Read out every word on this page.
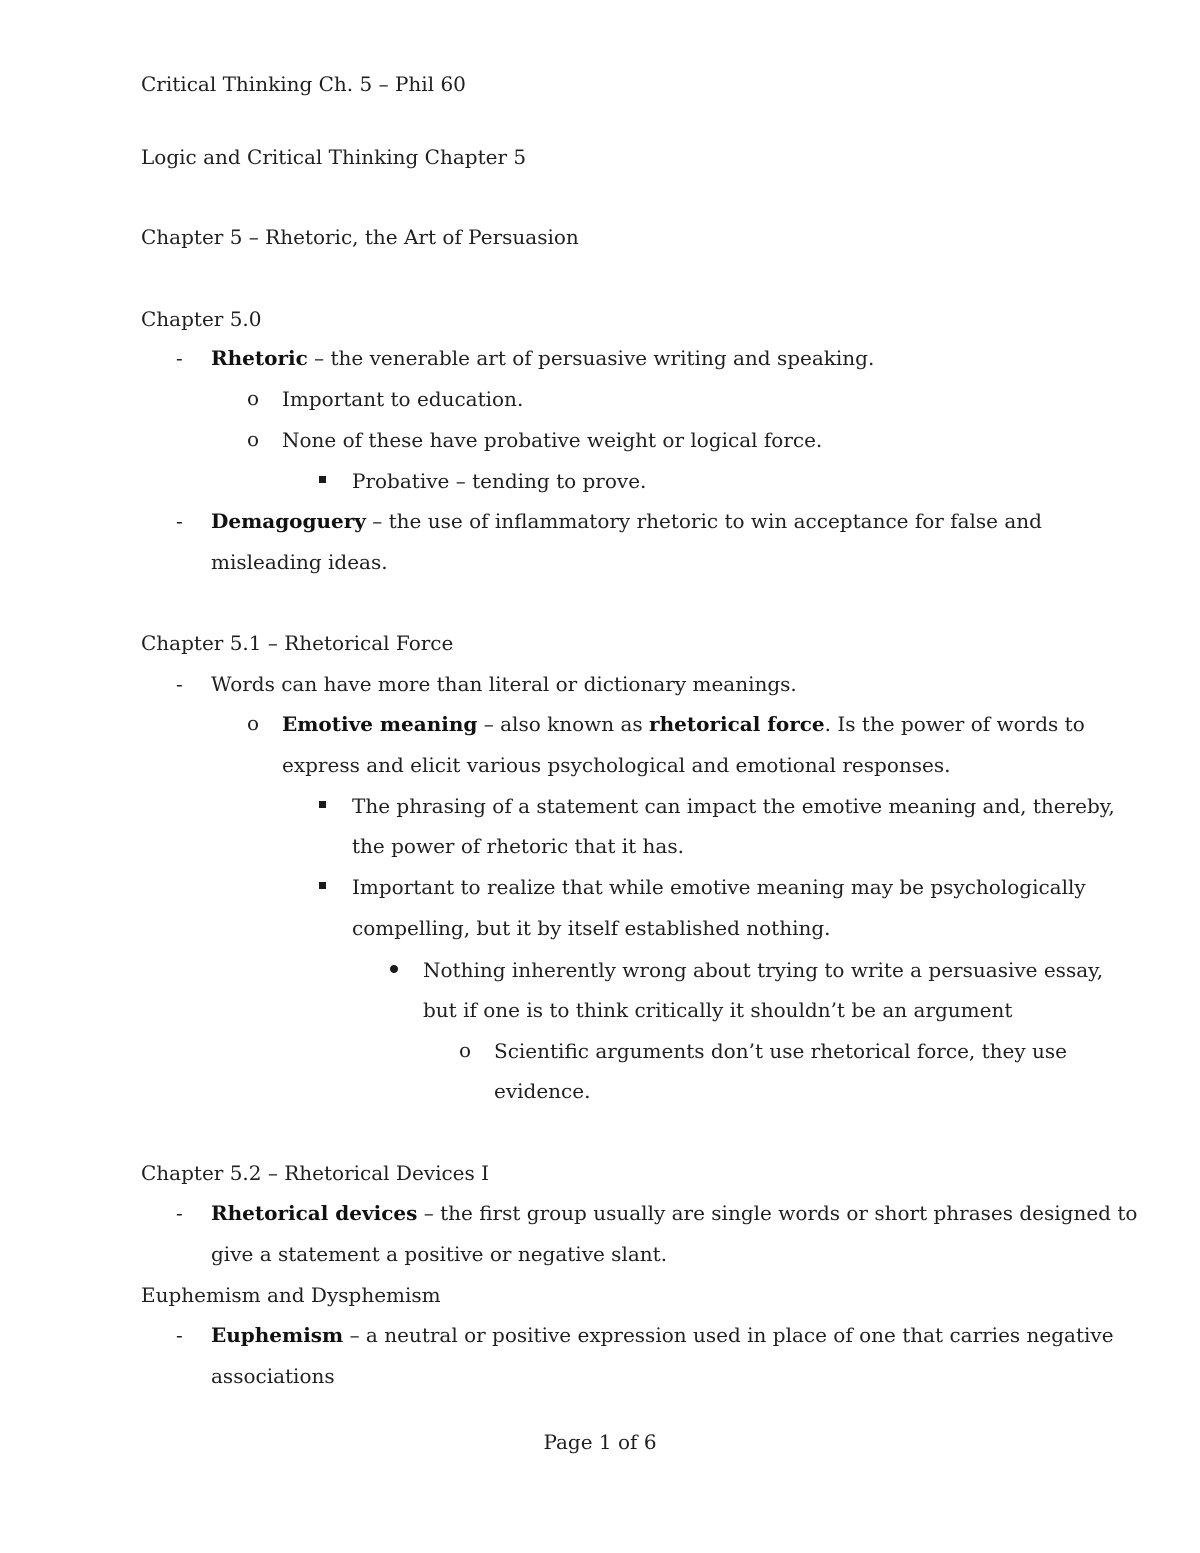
Critical Thinking Ch. 5 – Phil 60
Logic and Critical Thinking Chapter 5
Chapter 5 – Rhetoric, the Art of Persuasion
Chapter 5.0
- Rhetoric – the venerable art of persuasive writing and speaking.
o Important to education.
o None of these have probative weight or logical force.
Probative – tending to prove.
- Demagoguery – the use of inflammatory rhetoric to win acceptance for false and
misleading ideas.
Chapter 5.1 – Rhetorical Force
- Words can have more than literal or dictionary meanings.
o Emotive meaning – also known as rhetorical force. Is the power of words to
express and elicit various psychological and emotional responses.
The phrasing of a statement can impact the emotive meaning and, thereby,
the power of rhetoric that it has.
Important to realize that while emotive meaning may be psychologically
compelling, but it by itself established nothing.
Nothing inherently wrong about trying to write a persuasive essay,
but if one is to think critically it shouldn’t be an argument
o Scientific arguments don’t use rhetorical force, they use
evidence.
Chapter 5.2 – Rhetorical Devices I
- Rhetorical devices – the first group usually are single words or short phrases designed to
give a statement a positive or negative slant.
Euphemism and Dysphemism
- Euphemism – a neutral or positive expression used in place of one that carries negative
associations
Page 1 of 6
